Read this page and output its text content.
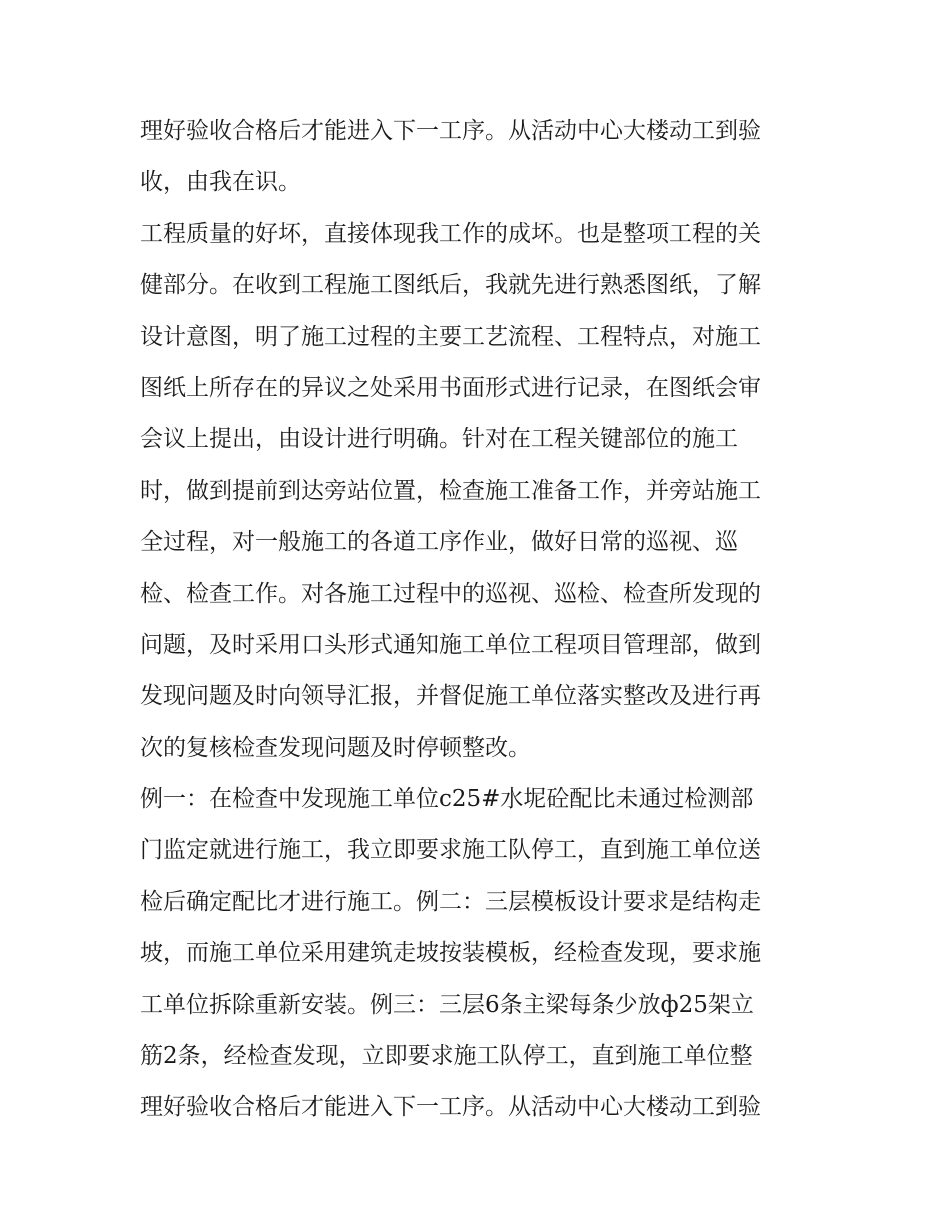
理好验收合格后才能进入下一工序。从活动中心大楼动工到验
收，由我在识。
工程质量的好坏，直接体现我工作的成坏。也是整项工程的关
健部分。在收到工程施工图纸后，我就先进行熟悉图纸，了解
设计意图，明了施工过程的主要工艺流程、工程特点，对施工
图纸上所存在的异议之处采用书面形式进行记录，在图纸会审
会议上提出，由设计进行明确。针对在工程关键部位的施工
时，做到提前到达旁站位置，检查施工准备工作，并旁站施工
全过程，对一般施工的各道工序作业，做好日常的巡视、巡
检、检查工作。对各施工过程中的巡视、巡检、检查所发现的
问题，及时采用口头形式通知施工单位工程项目管理部，做到
发现问题及时向领导汇报，并督促施工单位落实整改及进行再
次的复核检查发现问题及时停顿整改。
例一：在检查中发现施工单位c25#水坭砼配比未通过检测部
门监定就进行施工，我立即要求施工队停工，直到施工单位送
检后确定配比才进行施工。例二：三层模板设计要求是结构走
坡，而施工单位采用建筑走坡按装模板，经检查发现，要求施
工单位拆除重新安装。例三：三层6条主梁每条少放ф25架立
筋2条，经检查发现，立即要求施工队停工，直到施工单位整
理好验收合格后才能进入下一工序。从活动中心大楼动工到验
